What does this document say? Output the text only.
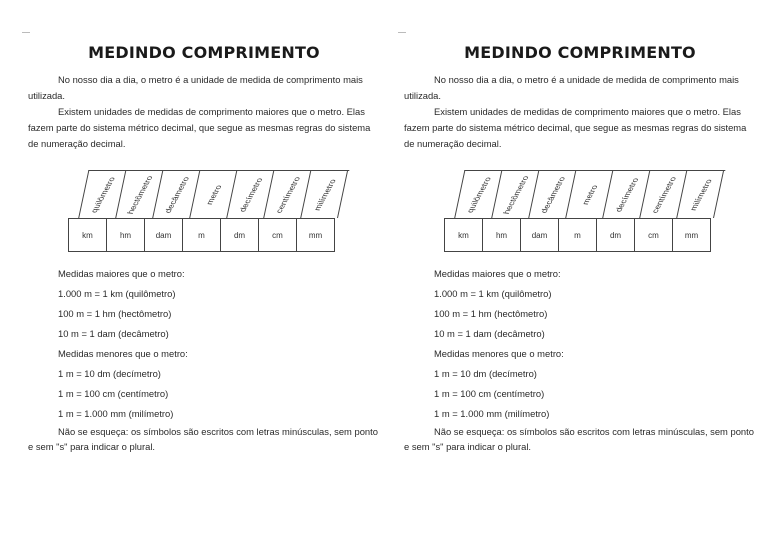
MEDINDO COMPRIMENTO

No nosso dia a dia, o metro é a unidade de medida de comprimento mais utilizada.

Existem unidades de medidas de comprimento maiores que o metro. Elas fazem parte do sistema métrico decimal, que segue as mesmas regras do sistema de numeração decimal.

quilômetro hectômetro decâmetro metro decímetro centímetro milímetro
km	hm	dam	m	dm	cm	mm

Medidas maiores que o metro:

1.000 m = 1 km (quilômetro)

100 m = 1 hm (hectômetro)

10 m = 1 dam (decâmetro)

Medidas menores que o metro:

1 m = 10 dm (decímetro)

1 m = 100 cm (centímetro)

1 m = 1.000 mm (milímetro)

Não se esqueça: os símbolos são escritos com letras minúsculas, sem ponto e sem "s" para indicar o plural.

MEDINDO COMPRIMENTO

No nosso dia a dia, o metro é a unidade de medida de comprimento mais utilizada.

Existem unidades de medidas de comprimento maiores que o metro. Elas fazem parte do sistema métrico decimal, que segue as mesmas regras do sistema de numeração decimal.

quilômetro hectômetro decâmetro metro decímetro centímetro milímetro
km	hm	dam	m	dm	cm	mm

Medidas maiores que o metro:

1.000 m = 1 km (quilômetro)

100 m = 1 hm (hectômetro)

10 m = 1 dam (decâmetro)

Medidas menores que o metro:

1 m = 10 dm (decímetro)

1 m = 100 cm (centímetro)

1 m = 1.000 mm (milímetro)

Não se esqueça: os símbolos são escritos com letras minúsculas, sem ponto e sem "s" para indicar o plural.
